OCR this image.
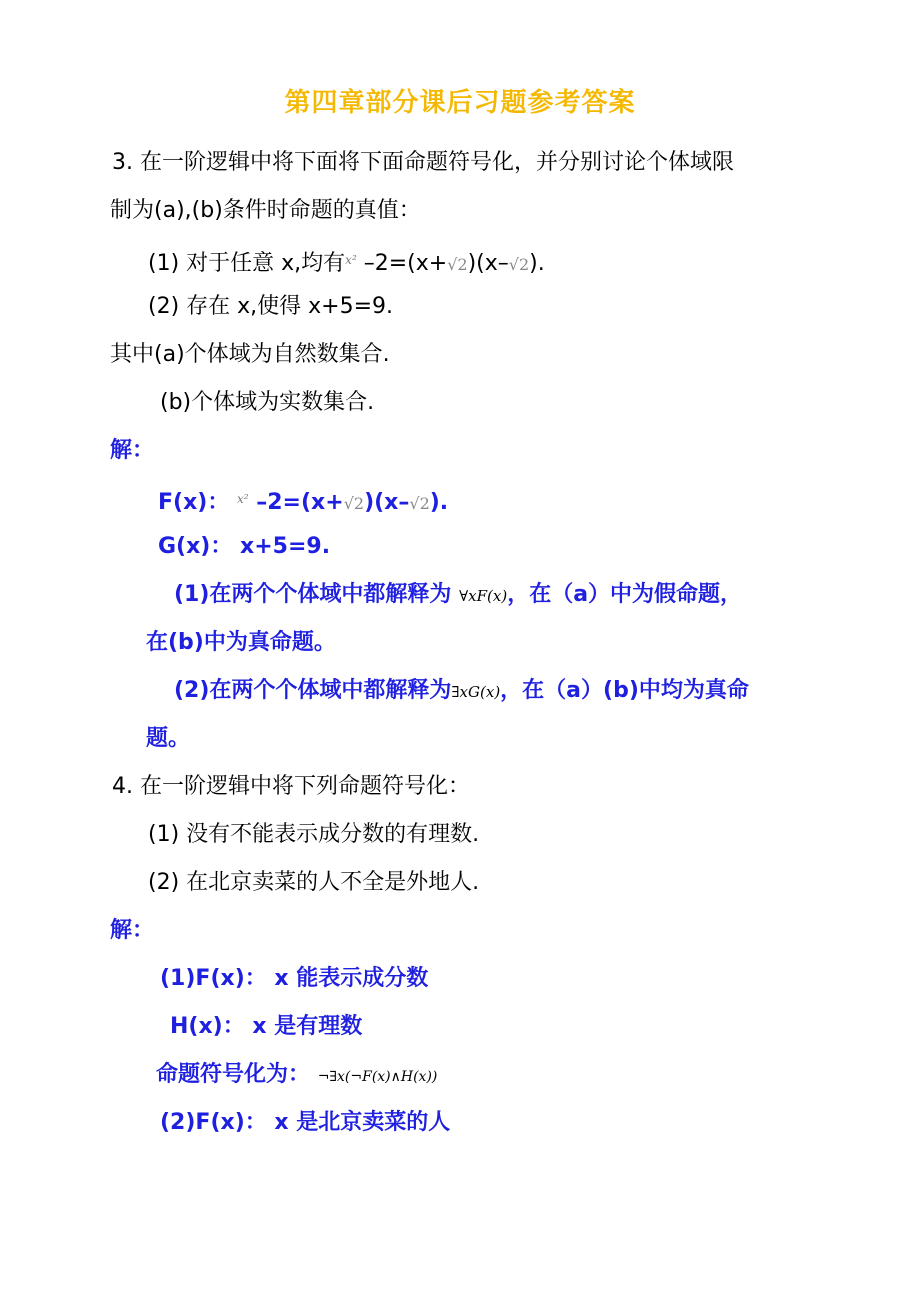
第四章部分课后习题参考答案
3. 在一阶逻辑中将下面将下面命题符号化，并分别讨论个体域限
制为(a),(b)条件时命题的真值：
(1) 对于任意 x,均有$^{x^2}$ –2=(x+√2)(x–√2).
(2) 存在 x,使得 x+5=9.
其中(a)个体域为自然数集合.
(b)个体域为实数集合.
解：
F(x)： $^{x^2}$ –2=(x+√2)(x–√2).
G(x)： x+5=9.
(1)在两个个体域中都解释为 ∀xF(x)，在（a）中为假命题，
在(b)中为真命题。
(2)在两个个体域中都解释为∃xG(x)，在（a）(b)中均为真命
题。
4. 在一阶逻辑中将下列命题符号化：
(1) 没有不能表示成分数的有理数.
(2) 在北京卖菜的人不全是外地人.
解：
(1)F(x)： x 能表示成分数
H(x)： x 是有理数
命题符号化为： ¬∃x(¬F(x)∧H(x))
(2)F(x)： x 是北京卖菜的人
